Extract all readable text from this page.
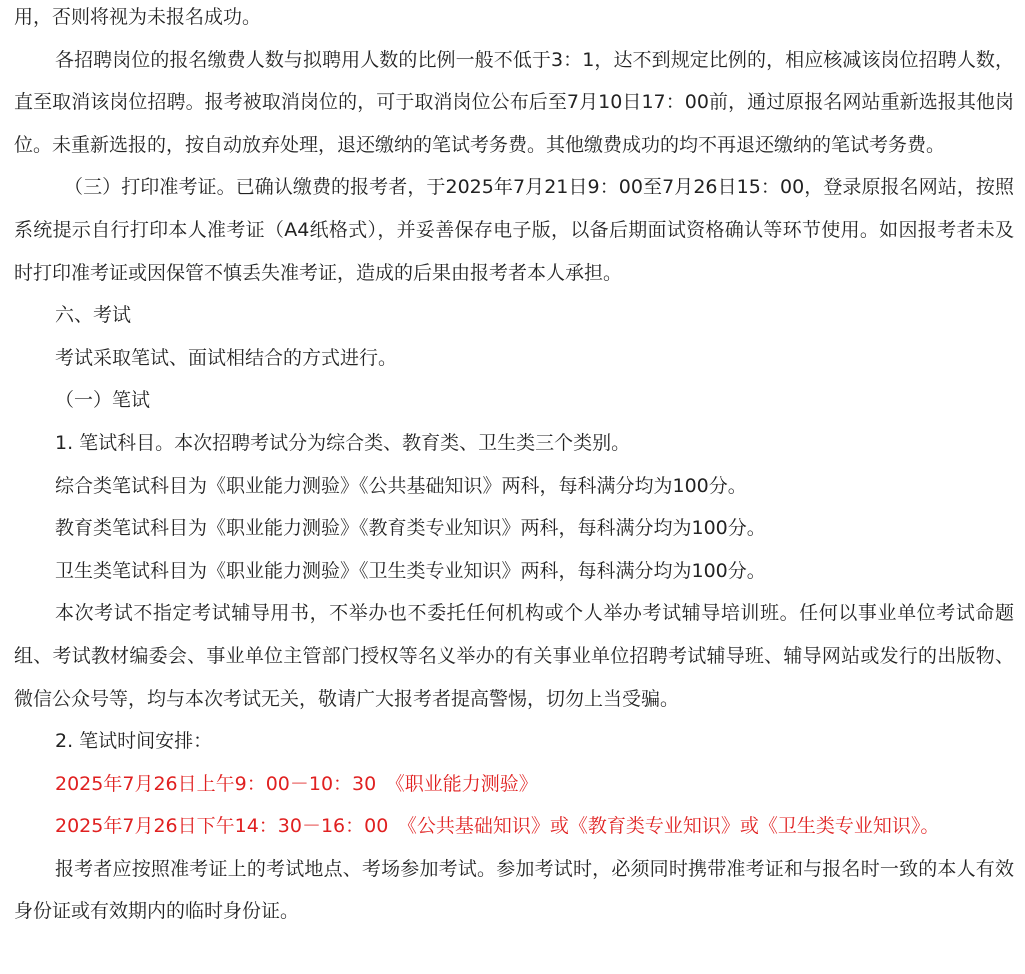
用，否则将视为未报名成功。

各招聘岗位的报名缴费人数与拟聘用人数的比例一般不低于3：1，达不到规定比例的，相应核减该岗位招聘人数，直至取消该岗位招聘。报考被取消岗位的，可于取消岗位公布后至7月10日17：00前，通过原报名网站重新选报其他岗位。未重新选报的，按自动放弃处理，退还缴纳的笔试考务费。其他缴费成功的均不再退还缴纳的笔试考务费。

（三）打印准考证。已确认缴费的报考者，于2025年7月21日9：00至7月26日15：00，登录原报名网站，按照系统提示自行打印本人准考证（A4纸格式），并妥善保存电子版，以备后期面试资格确认等环节使用。如因报考者未及时打印准考证或因保管不慎丢失准考证，造成的后果由报考者本人承担。

六、考试

考试采取笔试、面试相结合的方式进行。

（一）笔试

1. 笔试科目。本次招聘考试分为综合类、教育类、卫生类三个类别。

综合类笔试科目为《职业能力测验》《公共基础知识》两科，每科满分均为100分。

教育类笔试科目为《职业能力测验》《教育类专业知识》两科，每科满分均为100分。

卫生类笔试科目为《职业能力测验》《卫生类专业知识》两科，每科满分均为100分。

本次考试不指定考试辅导用书，不举办也不委托任何机构或个人举办考试辅导培训班。任何以事业单位考试命题组、考试教材编委会、事业单位主管部门授权等名义举办的有关事业单位招聘考试辅导班、辅导网站或发行的出版物、微信公众号等，均与本次考试无关，敬请广大报考者提高警惕，切勿上当受骗。

2. 笔试时间安排：

2025年7月26日上午9：00－10：30　《职业能力测验》

2025年7月26日下午14：30－16：00　《公共基础知识》或《教育类专业知识》或《卫生类专业知识》。

报考者应按照准考证上的考试地点、考场参加考试。参加考试时，必须同时携带准考证和与报名时一致的本人有效身份证或有效期内的临时身份证。
